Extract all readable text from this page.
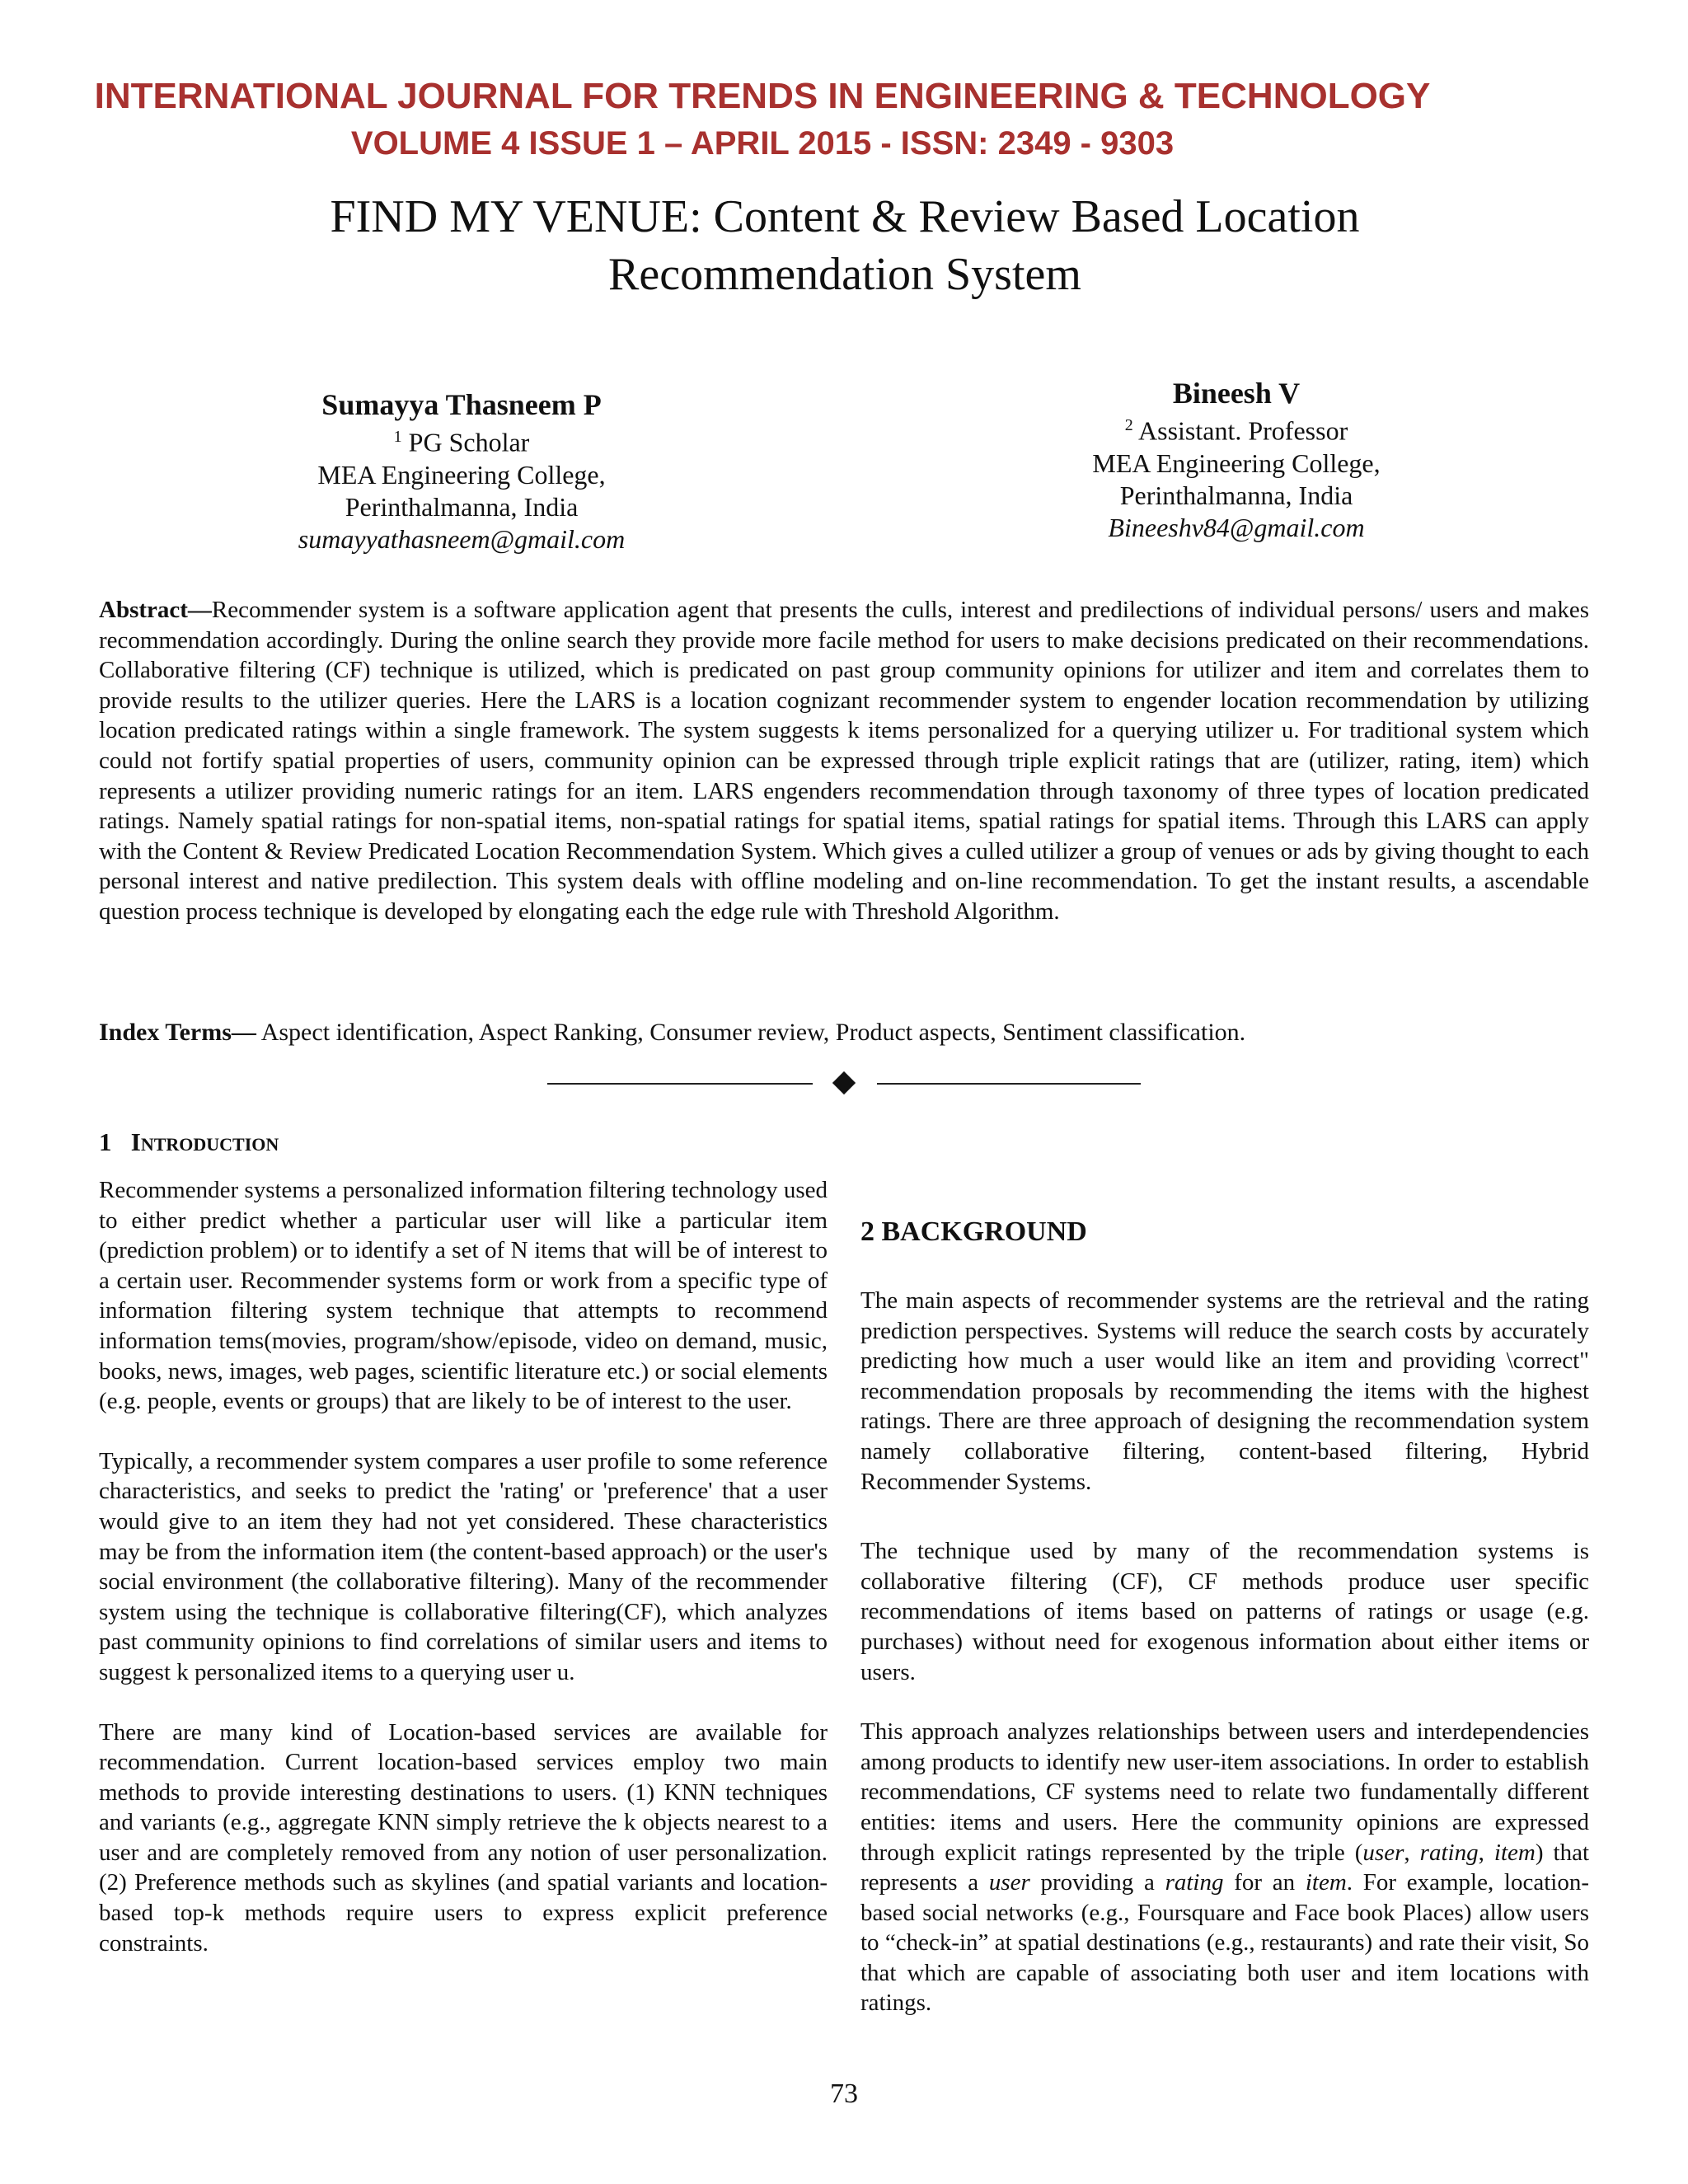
INTERNATIONAL JOURNAL FOR TRENDS IN ENGINEERING & TECHNOLOGY
VOLUME 4 ISSUE 1 – APRIL 2015 - ISSN: 2349 - 9303
FIND MY VENUE: Content & Review Based Location
Recommendation System
Sumayya Thasneem P
$^1$ PG Scholar
MEA Engineering College,
Perinthalmanna, India
sumayyathasneem@gmail.com
Bineesh V
$^2$ Assistant. Professor
MEA Engineering College,
Perinthalmanna, India
Bineeshv84@gmail.com
Abstract—Recommender system is a software application agent that presents the culls, interest and predilections of individual persons/ users and makes recommendation accordingly. During the online search they provide more facile method for users to make decisions predicated on their recommendations. Collaborative filtering (CF) technique is utilized, which is predicated on past group community opinions for utilizer and item and correlates them to provide results to the utilizer queries. Here the LARS is a location cognizant recommender system to engender location recommendation by utilizing location predicated ratings within a single framework. The system suggests k items personalized for a querying utilizer u. For traditional system which could not fortify spatial properties of users, community opinion can be expressed through triple explicit ratings that are (utilizer, rating, item) which represents a utilizer providing numeric ratings for an item. LARS engenders recommendation through taxonomy of three types of location predicated ratings. Namely spatial ratings for non-spatial items, non-spatial ratings for spatial items, spatial ratings for spatial items. Through this LARS can apply with the Content & Review Predicated Location Recommendation System. Which gives a culled utilizer a group of venues or ads by giving thought to each personal interest and native predilection. This system deals with offline modeling and on-line recommendation. To get the instant results, a ascendable question process technique is developed by elongating each the edge rule with Threshold Algorithm.
Index Terms— Aspect identification, Aspect Ranking, Consumer review, Product aspects, Sentiment classification.
1 Introduction

Recommender systems a personalized information filtering technology used to either predict whether a particular user will like a particular item (prediction problem) or to identify a set of N items that will be of interest to a certain user. Recommender systems form or work from a specific type of information filtering system technique that attempts to recommend information tems(movies, program/show/episode, video on demand, music, books, news, images, web pages, scientific literature etc.) or social elements (e.g. people, events or groups) that are likely to be of interest to the user.

Typically, a recommender system compares a user profile to some reference characteristics, and seeks to predict the 'rating' or 'preference' that a user would give to an item they had not yet considered. These characteristics may be from the information item (the content-based approach) or the user's social environment (the collaborative filtering). Many of the recommender system using the technique is collaborative filtering(CF), which analyzes past community opinions to find correlations of similar users and items to suggest k personalized items to a querying user u.

There are many kind of Location-based services are available for recommendation. Current location-based services employ two main methods to provide interesting destinations to users. (1) KNN techniques and variants (e.g., aggregate KNN simply retrieve the k objects nearest to a user and are completely removed from any notion of user personalization. (2) Preference methods such as skylines (and spatial variants and location-based top-k methods require users to express explicit preference constraints.

2 BACKGROUND

The main aspects of recommender systems are the retrieval and the rating prediction perspectives. Systems will reduce the search costs by accurately predicting how much a user would like an item and providing \correct" recommendation proposals by recommending the items with the highest ratings. There are three approach of designing the recommendation system namely collaborative filtering, content-based filtering, Hybrid Recommender Systems.

The technique used by many of the recommendation systems is collaborative filtering (CF), CF methods produce user specific recommendations of items based on patterns of ratings or usage (e.g. purchases) without need for exogenous information about either items or users.

This approach analyzes relationships between users and interdependencies among products to identify new user-item associations. In order to establish recommendations, CF systems need to relate two fundamentally different entities: items and users. Here the community opinions are expressed through explicit ratings represented by the triple (user, rating, item) that represents a user providing a rating for an item. For example, location-based social networks (e.g., Foursquare and Face book Places) allow users to “check-in” at spatial destinations (e.g., restaurants) and rate their visit, So that which are capable of associating both user and item locations with ratings.

73
